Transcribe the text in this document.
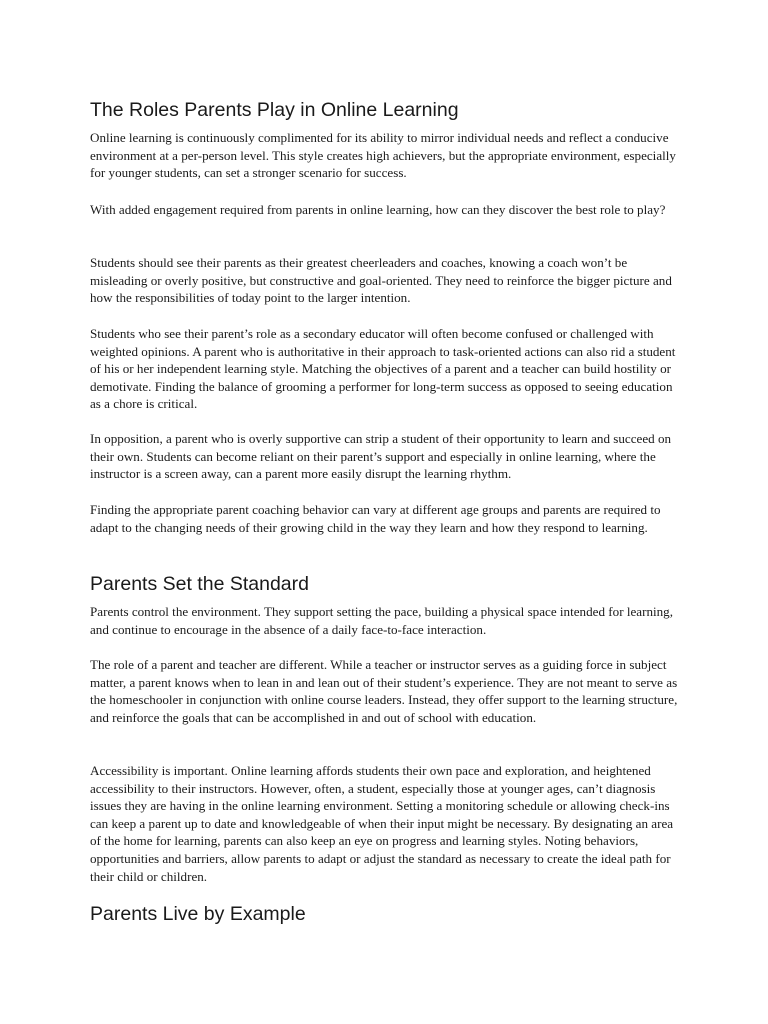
The Roles Parents Play in Online Learning

Online learning is continuously complimented for its ability to mirror individual needs and reflect a conducive environment at a per-person level. This style creates high achievers, but the appropriate environment, especially for younger students, can set a stronger scenario for success.

With added engagement required from parents in online learning, how can they discover the best role to play?

Students should see their parents as their greatest cheerleaders and coaches, knowing a coach won’t be misleading or overly positive, but constructive and goal-oriented. They need to reinforce the bigger picture and how the responsibilities of today point to the larger intention.

Students who see their parent’s role as a secondary educator will often become confused or challenged with weighted opinions. A parent who is authoritative in their approach to task-oriented actions can also rid a student of his or her independent learning style. Matching the objectives of a parent and a teacher can build hostility or demotivate. Finding the balance of grooming a performer for long-term success as opposed to seeing education as a chore is critical.

In opposition, a parent who is overly supportive can strip a student of their opportunity to learn and succeed on their own. Students can become reliant on their parent’s support and especially in online learning, where the instructor is a screen away, can a parent more easily disrupt the learning rhythm.

Finding the appropriate parent coaching behavior can vary at different age groups and parents are required to adapt to the changing needs of their growing child in the way they learn and how they respond to learning.

Parents Set the Standard

Parents control the environment. They support setting the pace, building a physical space intended for learning, and continue to encourage in the absence of a daily face-to-face interaction.

The role of a parent and teacher are different. While a teacher or instructor serves as a guiding force in subject matter, a parent knows when to lean in and lean out of their student’s experience. They are not meant to serve as the homeschooler in conjunction with online course leaders. Instead, they offer support to the learning structure, and reinforce the goals that can be accomplished in and out of school with education.

Accessibility is important. Online learning affords students their own pace and exploration, and heightened accessibility to their instructors. However, often, a student, especially those at younger ages, can’t diagnosis issues they are having in the online learning environment. Setting a monitoring schedule or allowing check-ins can keep a parent up to date and knowledgeable of when their input might be necessary. By designating an area of the home for learning, parents can also keep an eye on progress and learning styles. Noting behaviors, opportunities and barriers, allow parents to adapt or adjust the standard as necessary to create the ideal path for their child or children.

Parents Live by Example
